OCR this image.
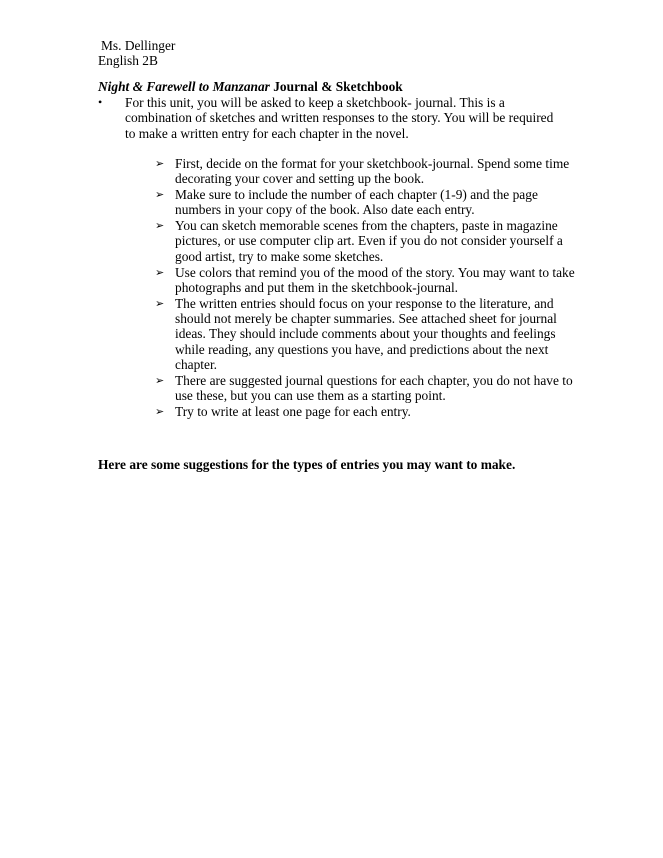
Ms. Dellinger
English 2B
Night & Farewell to Manzanar Journal & Sketchbook
•	For this unit, you will be asked to keep a sketchbook- journal. This is a combination of sketches and written responses to the story. You will be required to make a written entry for each chapter in the novel.
➢ First, decide on the format for your sketchbook-journal. Spend some time decorating your cover and setting up the book.
➢ Make sure to include the number of each chapter (1-9) and the page numbers in your copy of the book. Also date each entry.
➢ You can sketch memorable scenes from the chapters, paste in magazine pictures, or use computer clip art. Even if you do not consider yourself a good artist, try to make some sketches.
➢ Use colors that remind you of the mood of the story. You may want to take photographs and put them in the sketchbook-journal.
➢ The written entries should focus on your response to the literature, and should not merely be chapter summaries. See attached sheet for journal ideas. They should include comments about your thoughts and feelings while reading, any questions you have, and predictions about the next chapter.
➢ There are suggested journal questions for each chapter, you do not have to use these, but you can use them as a starting point.
➢ Try to write at least one page for each entry.
Here are some suggestions for the types of entries you may want to make.
